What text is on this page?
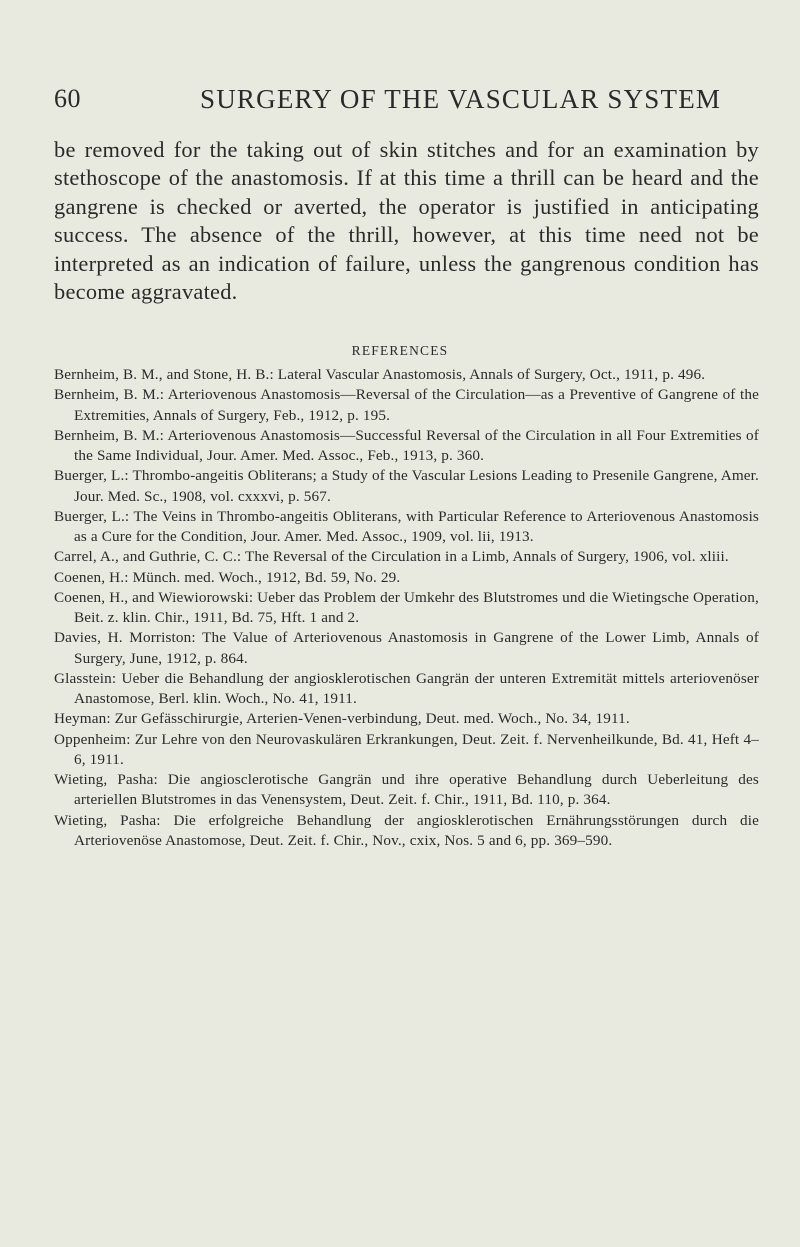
60	SURGERY OF THE VASCULAR SYSTEM

be removed for the taking out of skin stitches and for an examination by stethoscope of the anastomosis. If at this time a thrill can be heard and the gangrene is checked or averted, the operator is justified in anticipating success. The absence of the thrill, however, at this time need not be interpreted as an indication of failure, unless the gangrenous condition has become aggravated.

REFERENCES
Bernheim, B. M., and Stone, H. B.: Lateral Vascular Anastomosis, Annals of Surgery, Oct., 1911, p. 496.
Bernheim, B. M.: Arteriovenous Anastomosis—Reversal of the Circulation—as a Preventive of Gangrene of the Extremities, Annals of Surgery, Feb., 1912, p. 195.
Bernheim, B. M.: Arteriovenous Anastomosis—Successful Reversal of the Circulation in all Four Extremities of the Same Individual, Jour. Amer. Med. Assoc., Feb., 1913, p. 360.
Buerger, L.: Thrombo-angeitis Obliterans; a Study of the Vascular Lesions Leading to Presenile Gangrene, Amer. Jour. Med. Sc., 1908, vol. cxxxvi, p. 567.
Buerger, L.: The Veins in Thrombo-angeitis Obliterans, with Particular Reference to Arteriovenous Anastomosis as a Cure for the Condition, Jour. Amer. Med. Assoc., 1909, vol. lii, 1913.
Carrel, A., and Guthrie, C. C.: The Reversal of the Circulation in a Limb, Annals of Surgery, 1906, vol. xliii.
Coenen, H.: Münch. med. Woch., 1912, Bd. 59, No. 29.
Coenen, H., and Wiewiorowski: Ueber das Problem der Umkehr des Blutstromes und die Wietingsche Operation, Beit. z. klin. Chir., 1911, Bd. 75, Hft. 1 and 2.
Davies, H. Morriston: The Value of Arteriovenous Anastomosis in Gangrene of the Lower Limb, Annals of Surgery, June, 1912, p. 864.
Glasstein: Ueber die Behandlung der angiosklerotischen Gangrän der unteren Extremität mittels arteriovenöser Anastomose, Berl. klin. Woch., No. 41, 1911.
Heyman: Zur Gefässchirurgie, Arterien-Venen-verbindung, Deut. med. Woch., No. 34, 1911.
Oppenheim: Zur Lehre von den Neurovaskulären Erkrankungen, Deut. Zeit. f. Nervenheilkunde, Bd. 41, Heft 4–6, 1911.
Wieting, Pasha: Die angiosclerotische Gangrän und ihre operative Behandlung durch Ueberleitung des arteriellen Blutstromes in das Venensystem, Deut. Zeit. f. Chir., 1911, Bd. 110, p. 364.
Wieting, Pasha: Die erfolgreiche Behandlung der angiosklerotischen Ernährungsstörungen durch die Arteriovenöse Anastomose, Deut. Zeit. f. Chir., Nov., cxix, Nos. 5 and 6, pp. 369–590.
